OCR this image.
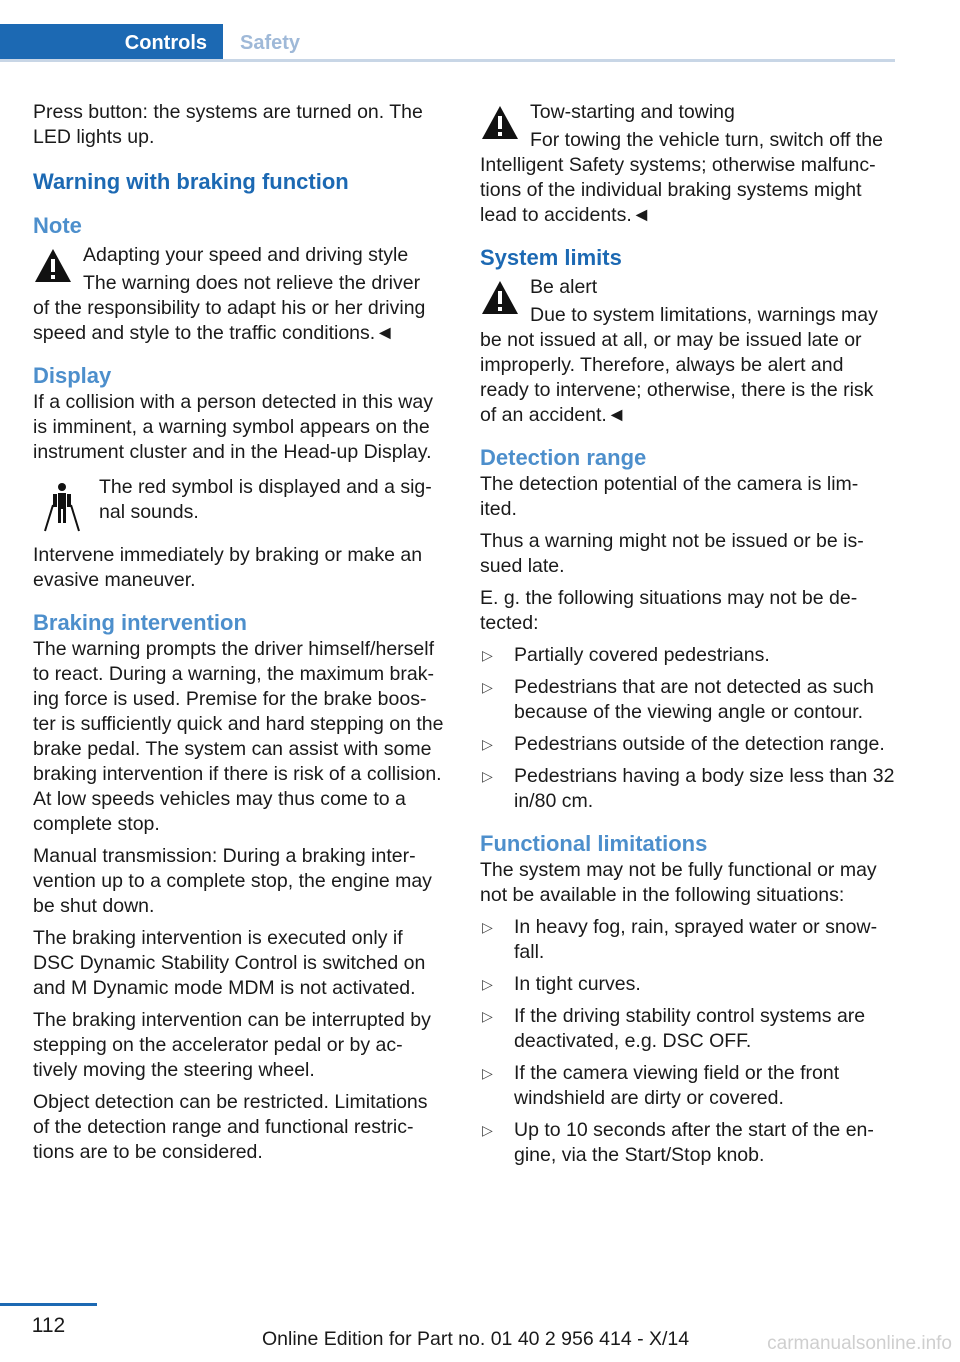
Controls	Safety

Press button: the systems are turned on. The LED lights up.

Warning with braking function
Note
Adapting your speed and driving style
The warning does not relieve the driver
of the responsibility to adapt his or her driving speed and style to the traffic conditions.◄
Display

If a collision with a person detected in this way is imminent, a warning symbol appears on the instrument cluster and in the Head-up Display.

The red symbol is displayed and a sig‐ nal sounds.

Intervene immediately by braking or make an evasive maneuver.

Braking intervention

The warning prompts the driver himself/herself to react. During a warning, the maximum brak‐ ing force is used. Premise for the brake boos‐ ter is sufficiently quick and hard stepping on the brake pedal. The system can assist with some braking intervention if there is risk of a collision. At low speeds vehicles may thus come to a complete stop.

Manual transmission: During a braking inter‐ vention up to a complete stop, the engine may be shut down.

The braking intervention is executed only if DSC Dynamic Stability Control is switched on and M Dynamic mode MDM is not activated.

The braking intervention can be interrupted by stepping on the accelerator pedal or by ac‐ tively moving the steering wheel.

Object detection can be restricted. Limitations of the detection range and functional restric‐ tions are to be considered.

Tow-starting and towing
For towing the vehicle turn, switch off the
Intelligent Safety systems; otherwise malfunc‐ tions of the individual braking systems might lead to accidents.◄
System limits
Be alert
Due to system limitations, warnings may
be not issued at all, or may be issued late or improperly. Therefore, always be alert and ready to intervene; otherwise, there is the risk of an accident.◄
Detection range

The detection potential of the camera is lim‐ ited.

Thus a warning might not be issued or be is‐ sued late.

E. g. the following situations may not be de‐ tected:

▷ Partially covered pedestrians.
▷ Pedestrians that are not detected as such because of the viewing angle or contour.
▷ Pedestrians outside of the detection range.
▷ Pedestrians having a body size less than 32 in/80 cm.
Functional limitations

The system may not be fully functional or may not be available in the following situations:

▷ In heavy fog, rain, sprayed water or snow‐ fall.
▷ In tight curves.
▷ If the driving stability control systems are deactivated, e.g. DSC OFF.
▷ If the camera viewing field or the front windshield are dirty or covered.
▷ Up to 10 seconds after the start of the en‐ gine, via the Start/Stop knob.
112
Online Edition for Part no. 01 40 2 956 414 - X/14	carmanualsonline.info
